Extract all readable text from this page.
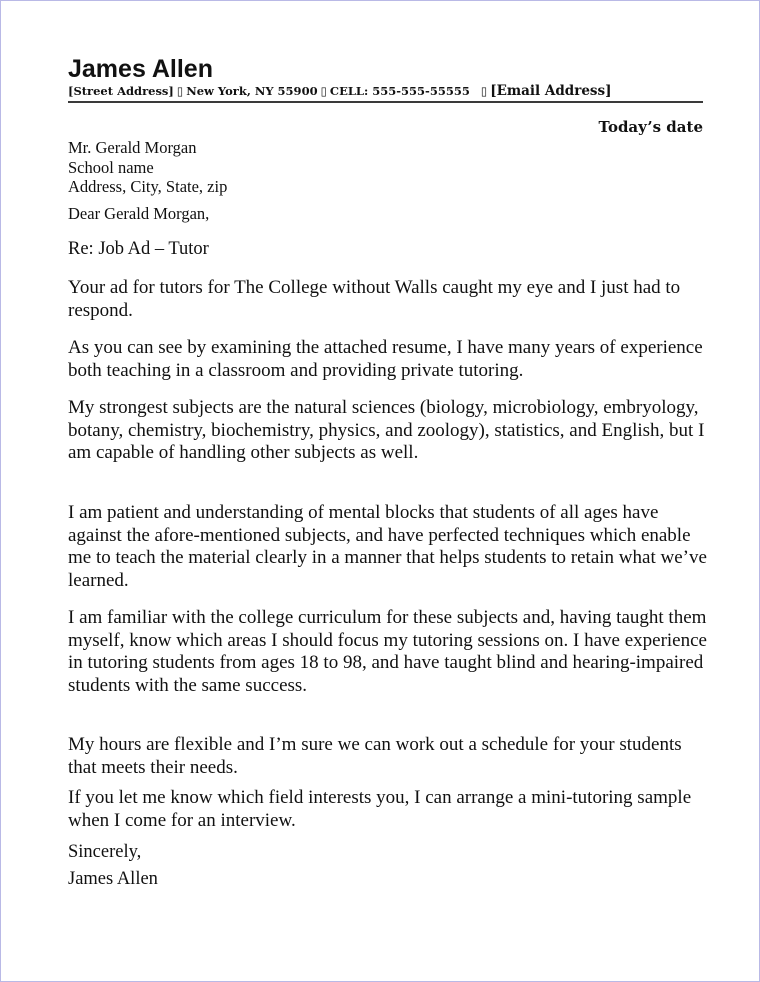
James Allen
[Street Address] ▯ New York, NY 55900 ▯ CELL: 555-555-55555 ▯ [Email Address]
Today’s date
Mr. Gerald Morgan
School name
Address, City, State, zip
Dear Gerald Morgan,
Re: Job Ad – Tutor

Your ad for tutors for The College without Walls caught my eye and I just had to respond.

As you can see by examining the attached resume, I have many years of experience both teaching in a classroom and providing private tutoring.

My strongest subjects are the natural sciences (biology, microbiology, embryology, botany, chemistry, biochemistry, physics, and zoology), statistics, and English, but I am capable of handling other subjects as well.

I am patient and understanding of mental blocks that students of all ages have against the afore-mentioned subjects, and have perfected techniques which enable me to teach the material clearly in a manner that helps students to retain what we’ve learned.

I am familiar with the college curriculum for these subjects and, having taught them myself, know which areas I should focus my tutoring sessions on. I have experience in tutoring students from ages 18 to 98, and have taught blind and hearing-impaired students with the same success.

My hours are flexible and I’m sure we can work out a schedule for your students that meets their needs.

If you let me know which field interests you, I can arrange a mini-tutoring sample when I come for an interview.

Sincerely,
James Allen
